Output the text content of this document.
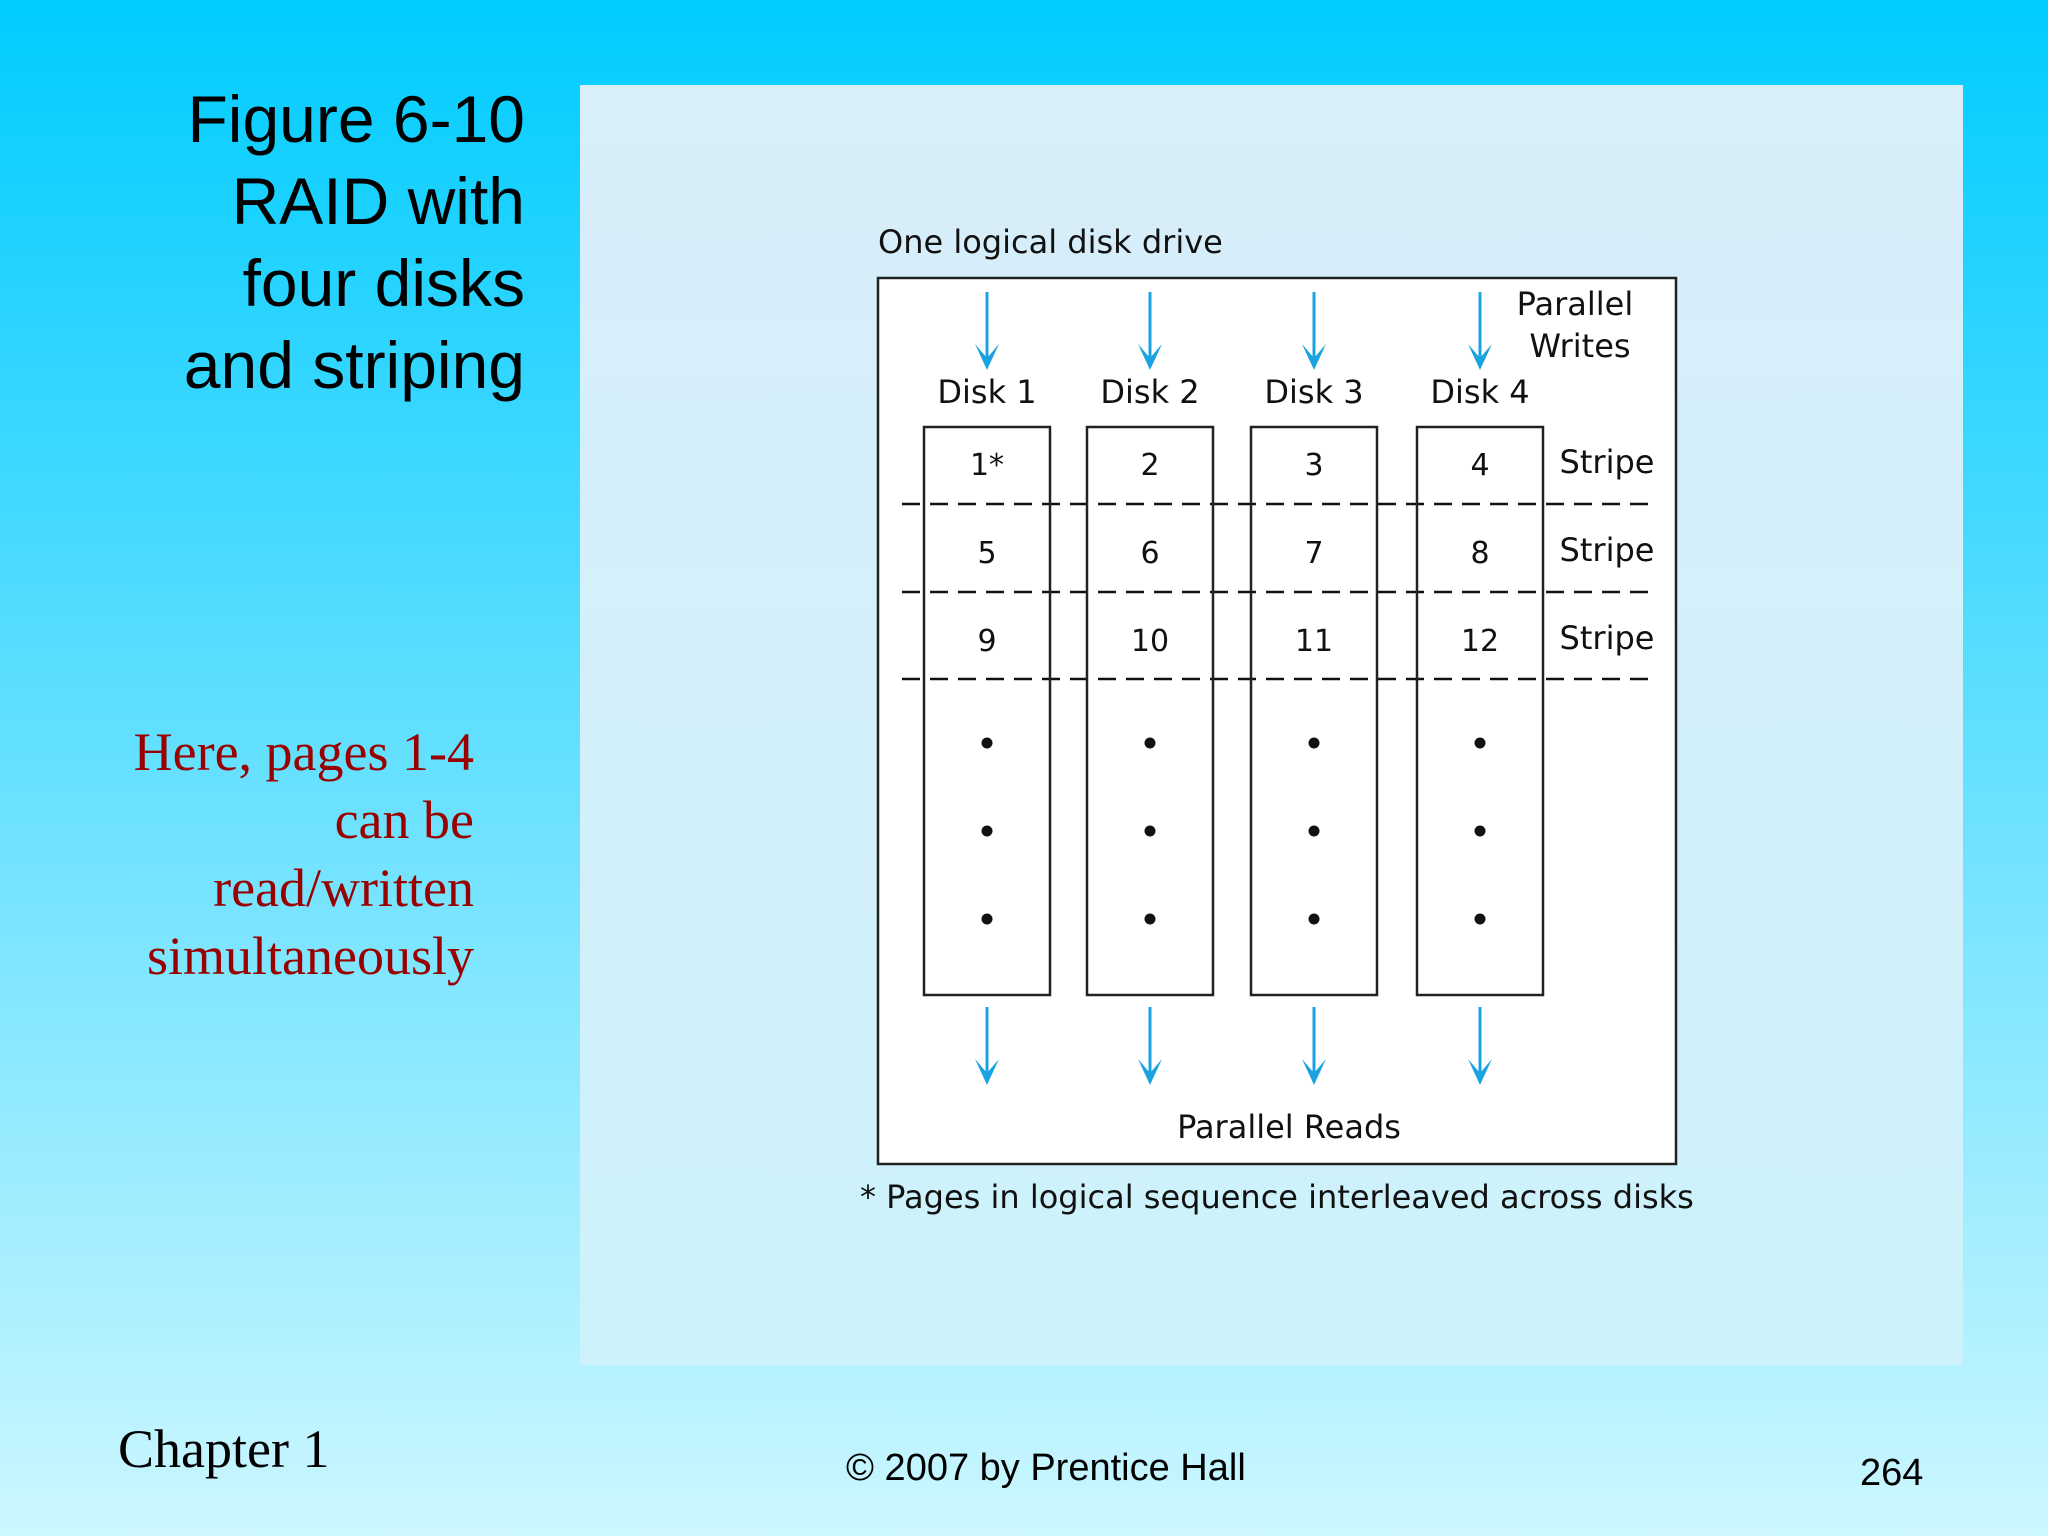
Figure 6-10
RAID with
four disks
and striping
Here, pages 1-4
can be
read/written
simultaneously
One logical disk drive
Parallel Writes
Disk 1
1*
5
9
Disk 2
2
6
10
Disk 3
3
7
11
Disk 4
4
8
12
Stripe
Stripe
Stripe
Parallel Reads
* Pages in logical sequence interleaved across disks
Chapter 1	© 2007 by Prentice Hall	264
